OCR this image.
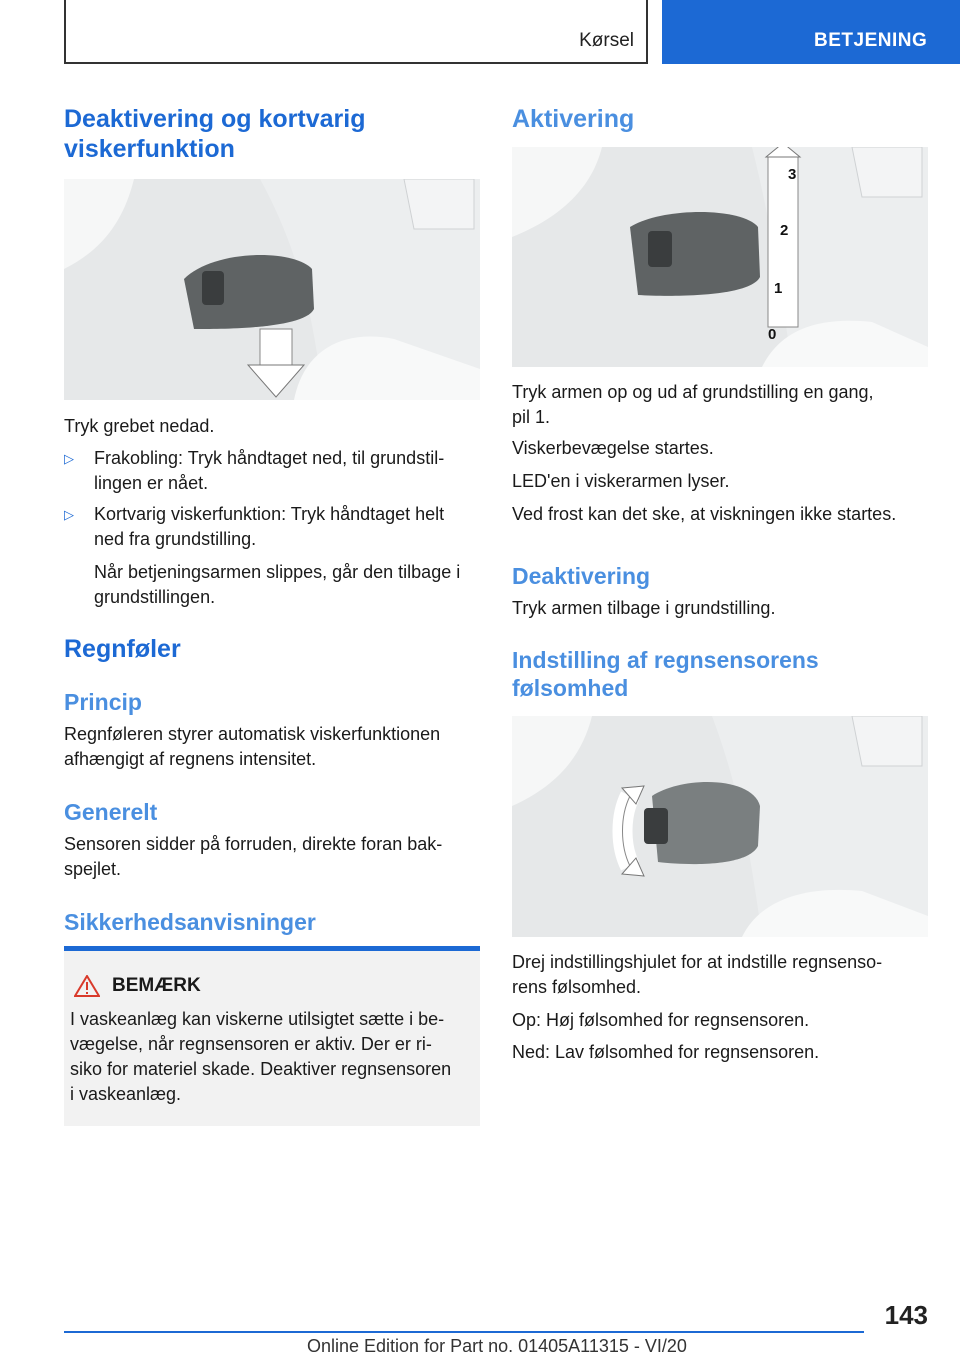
Kørsel	BETJENING
Deaktivering og kortvarig
viskerfunktion

Tryk grebet nedad.

▷ Frakobling: Tryk håndtaget ned, til grundstil-
lingen er nået.
▷ Kortvarig viskerfunktion: Tryk håndtaget helt
ned fra grundstilling.
Når betjeningsarmen slippes, går den tilbage i
grundstillingen.
Regnføler
Princip

Regnføleren styrer automatisk viskerfunktionen
afhængigt af regnens intensitet.

Generelt

Sensoren sidder på forruden, direkte foran bak-
spejlet.

Sikkerhedsanvisninger
BEMÆRK
I vaskeanlæg kan viskerne utilsigtet sætte i be-
vægelse, når regnsensoren er aktiv. Der er ri-
siko for materiel skade. Deaktiver regnsensoren
i vaskeanlæg.
Aktivering
3
2
1
0

Tryk armen op og ud af grundstilling en gang,
pil 1.

Viskerbevægelse startes.

LED'en i viskerarmen lyser.

Ved frost kan det ske, at viskningen ikke startes.

Deaktivering

Tryk armen tilbage i grundstilling.

Indstilling af regnsensorens
følsomhed

Drej indstillingshjulet for at indstille regnsenso-
rens følsomhed.

Op: Høj følsomhed for regnsensoren.

Ned: Lav følsomhed for regnsensoren.

143
Online Edition for Part no. 01405A11315 - VI/20
